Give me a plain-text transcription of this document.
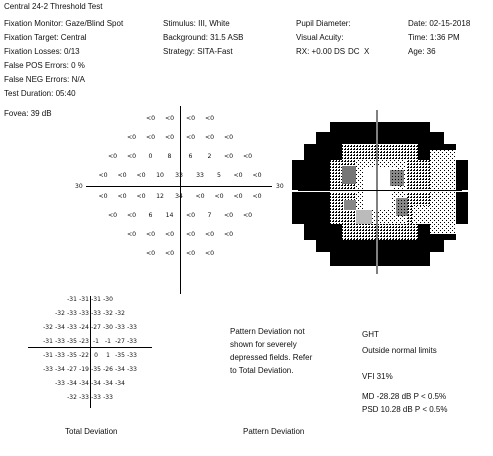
Central 24-2 Threshold Test
Fixation Monitor: Gaze/Blind Spot
Fixation Target: Central
Fixation Losses: 0/13
False POS Errors: 0 %
False NEG Errors: N/A
Test Duration: 05:40
Stimulus: III, White
Background: 31.5 ASB
Strategy: SITA-Fast
Pupil Diameter:
Visual Acuity:
RX: +0.00 DS DC X
Date: 02-15-2018
Time: 1:36 PM
Age: 36
Fovea: 39 dB
30	30
<0	<0	<0	<0
<0	<0	<0	<0	<0	<0
<0	<0	0	8	6	2	<0	<0
<0	<0	<0	10	33	33	5	<0	<0
<0	<0	<0	12	34	<0	<0	<0	<0
<0	<0	6	14	<0	7	<0	<0
<0	<0	<0	<0	<0	<0
<0	<0	<0	<0
-31 -31 -31 -30
-32 -33 -33 -33 -32 -32
-32 -34 -33 -24 -27 -30 -33 -33
-31 -33 -35 -23 -1	-1 -27 -33
-31 -33 -35 -22 0	1 -35 -33
-33 -34 -27 -19 -35 -26 -34 -33
-33 -34 -34 -34 -34 -34
-32 -33 -33 -33
Pattern Deviation not
shown for severely
depressed fields. Refer
to Total Deviation.
GHT
Outside normal limits
VFI 31%
MD -28.28 dB P < 0.5%
PSD 10.28 dB P < 0.5%
Total Deviation	Pattern Deviation
